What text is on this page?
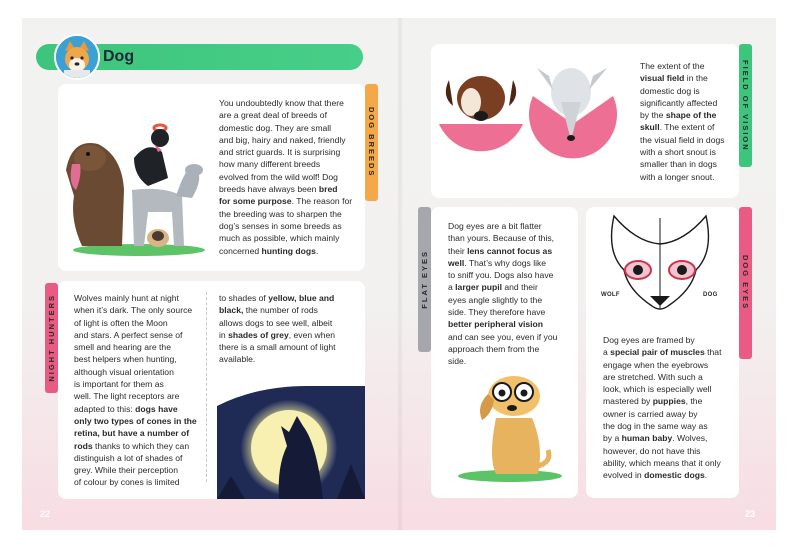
Dog
You undoubtedly know that there
are a great deal of breeds of
domestic dog. They are small
and big, hairy and naked, friendly
and strict guards. It is surprising
how many different breeds
evolved from the wild wolf! Dog
breeds have always been bred
for some purpose. The reason for
the breeding was to sharpen the
dog’s senses in some breeds as
much as possible, which mainly
concerned hunting dogs.
DOG BREEDS
NIGHT HUNTERS Wolves mainly hunt at night
when it’s dark. The only source
of light is often the Moon
and stars. A perfect sense of
smell and hearing are the
best helpers when hunting,
although visual orientation
is important for them as
well. The light receptors are
adapted to this: dogs have
only two types of cones in the
retina, but have a number of
rods thanks to which they can
distinguish a lot of shades of
grey. While their perception
of colour by cones is limited
to shades of yellow, blue and
black, the number of rods
allows dogs to see well, albeit
in shades of grey, even when
there is a small amount of light
available.
FIELD OF VISION
The extent of the
visual field in the
domestic dog is
significantly affected
by the shape of the
skull. The extent of
the visual field in dogs
with a short snout is
smaller than in dogs
with a longer snout.
FLAT EYES
Dog eyes are a bit flatter
than yours. Because of this,
their lens cannot focus as
well. That’s why dogs like
to sniff you. Dogs also have
a larger pupil and their
eyes angle slightly to the
side. They therefore have
better peripheral vision
and can see you, even if you
approach them from the
side.
DOG EYES
WOLF	DOG
Dog eyes are framed by
a special pair of muscles that
engage when the eyebrows
are stretched. With such a
look, which is especially well
mastered by puppies, the
owner is carried away by
the dog in the same way as
by a human baby. Wolves,
however, do not have this
ability, which means that it only
evolved in domestic dogs.
22	23
